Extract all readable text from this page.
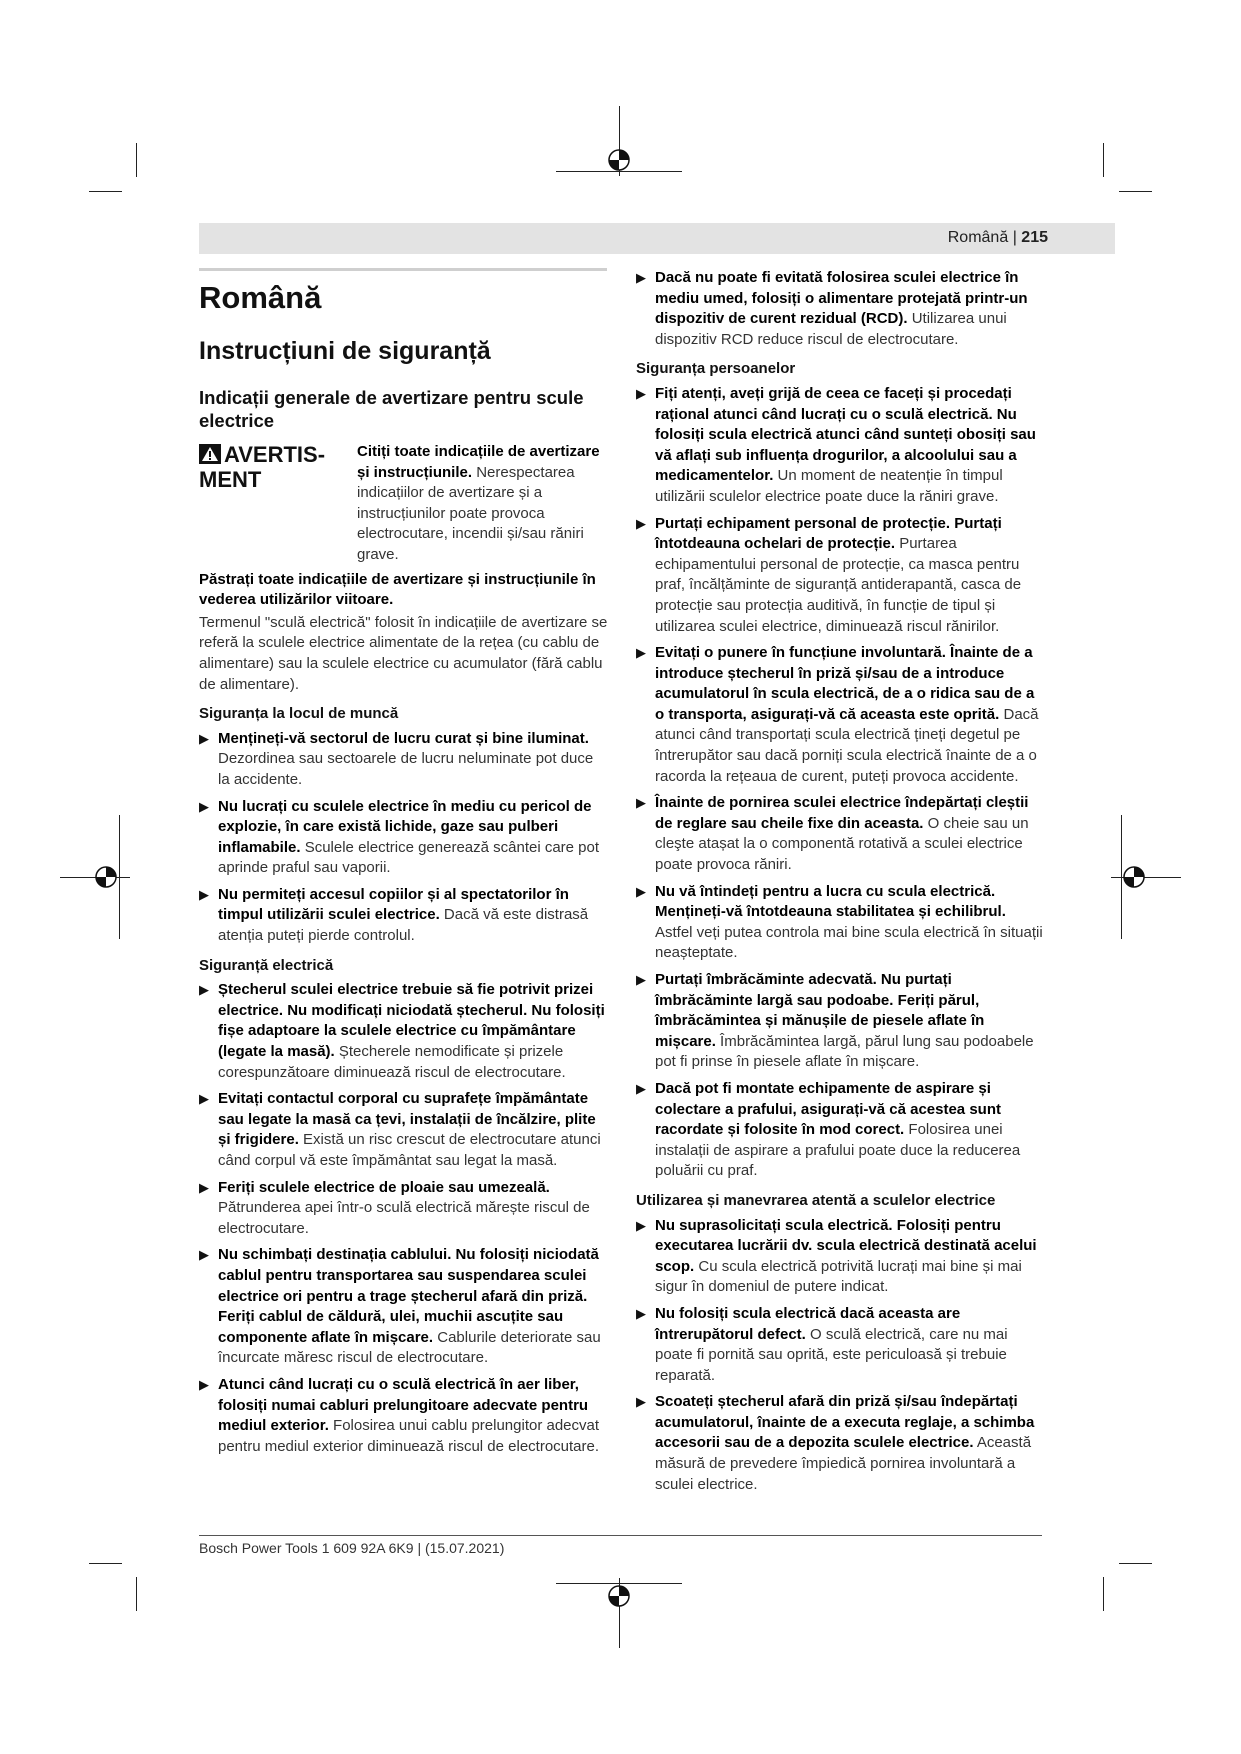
Română | 215
Română
Instrucțiuni de siguranță
Indicații generale de avertizare pentru scule electrice
AVERTIS-MENT
Citiți toate indicațiile de avertizare și instrucțiunile. Nerespectarea indicațiilor de avertizare și a instrucțiunilor poate provoca electrocutare, incendii și/sau răniri grave.

Păstrați toate indicațiile de avertizare și instrucțiunile în vederea utilizărilor viitoare.

Termenul "sculă electrică" folosit în indicațiile de avertizare se referă la sculele electrice alimentate de la rețea (cu cablu de alimentare) sau la sculele electrice cu acumulator (fără cablu de alimentare).

Siguranța la locul de muncă
▶ Mențineți-vă sectorul de lucru curat și bine iluminat. Dezordinea sau sectoarele de lucru neluminate pot duce la accidente.
▶ Nu lucrați cu sculele electrice în mediu cu pericol de explozie, în care există lichide, gaze sau pulberi inflamabile. Sculele electrice generează scântei care pot aprinde praful sau vaporii.
▶ Nu permiteți accesul copiilor și al spectatorilor în timpul utilizării sculei electrice. Dacă vă este distrasă atenția puteți pierde controlul.
Siguranță electrică
▶ Ștecherul sculei electrice trebuie să fie potrivit prizei electrice. Nu modificați niciodată ștecherul. Nu folosiți fișe adaptoare la sculele electrice cu împământare (legate la masă). Ștecherele nemodificate și prizele corespunzătoare diminuează riscul de electrocutare.
▶ Evitați contactul corporal cu suprafețe împământate sau legate la masă ca țevi, instalații de încălzire, plite și frigidere. Există un risc crescut de electrocutare atunci când corpul vă este împământat sau legat la masă.
▶ Feriți sculele electrice de ploaie sau umezeală. Pătrunderea apei într-o sculă electrică mărește riscul de electrocutare.
▶ Nu schimbați destinația cablului. Nu folosiți niciodată cablul pentru transportarea sau suspendarea sculei electrice ori pentru a trage ștecherul afară din priză. Feriți cablul de căldură, ulei, muchii ascuțite sau componente aflate în mișcare. Cablurile deteriorate sau încurcate măresc riscul de electrocutare.
▶ Atunci când lucrați cu o sculă electrică în aer liber, folosiți numai cabluri prelungitoare adecvate pentru mediul exterior. Folosirea unui cablu prelungitor adecvat pentru mediul exterior diminuează riscul de electrocutare.
▶ Dacă nu poate fi evitată folosirea sculei electrice în mediu umed, folosiți o alimentare protejată printr-un dispozitiv de curent rezidual (RCD). Utilizarea unui dispozitiv RCD reduce riscul de electrocutare.
Siguranța persoanelor
▶ Fiți atenți, aveți grijă de ceea ce faceți și procedați rațional atunci când lucrați cu o sculă electrică. Nu folosiți scula electrică atunci când sunteți obosiți sau vă aflați sub influența drogurilor, a alcoolului sau a medicamentelor. Un moment de neatenție în timpul utilizării sculelor electrice poate duce la răniri grave.
▶ Purtați echipament personal de protecție. Purtați întotdeauna ochelari de protecție. Purtarea echipamentului personal de protecție, ca masca pentru praf, încălțăminte de siguranță antiderapantă, casca de protecție sau protecția auditivă, în funcție de tipul și utilizarea sculei electrice, diminuează riscul rănirilor.
▶ Evitați o punere în funcțiune involuntară. Înainte de a introduce ștecherul în priză și/sau de a introduce acumulatorul în scula electrică, de a o ridica sau de a o transporta, asigurați-vă că aceasta este oprită. Dacă atunci când transportați scula electrică țineți degetul pe întrerupător sau dacă porniți scula electrică înainte de a o racorda la rețeaua de curent, puteți provoca accidente.
▶ Înainte de pornirea sculei electrice îndepărtați cleștii de reglare sau cheile fixe din aceasta. O cheie sau un cleşte atașat la o componentă rotativă a sculei electrice poate provoca răniri.
▶ Nu vă întindeți pentru a lucra cu scula electrică. Mențineți-vă întotdeauna stabilitatea și echilibrul. Astfel veți putea controla mai bine scula electrică în situații neașteptate.
▶ Purtați îmbrăcăminte adecvată. Nu purtați îmbrăcăminte largă sau podoabe. Feriți părul, îmbrăcămintea și mănușile de piesele aflate în mișcare. Îmbrăcămintea largă, părul lung sau podoabele pot fi prinse în piesele aflate în mișcare.
▶ Dacă pot fi montate echipamente de aspirare și colectare a prafului, asigurați-vă că acestea sunt racordate și folosite în mod corect. Folosirea unei instalații de aspirare a prafului poate duce la reducerea poluării cu praf.
Utilizarea și manevrarea atentă a sculelor electrice
▶ Nu suprasolicitați scula electrică. Folosiți pentru executarea lucrării dv. scula electrică destinată acelui scop. Cu scula electrică potrivită lucrați mai bine și mai sigur în domeniul de putere indicat.
▶ Nu folosiți scula electrică dacă aceasta are întrerupătorul defect. O sculă electrică, care nu mai poate fi pornită sau oprită, este periculoasă și trebuie reparată.
▶ Scoateți ștecherul afară din priză și/sau îndepărtați acumulatorul, înainte de a executa reglaje, a schimba accesorii sau de a depozita sculele electrice. Această măsură de prevedere împiedică pornirea involuntară a sculei electrice.
Bosch Power Tools 1 609 92A 6K9 | (15.07.2021)
